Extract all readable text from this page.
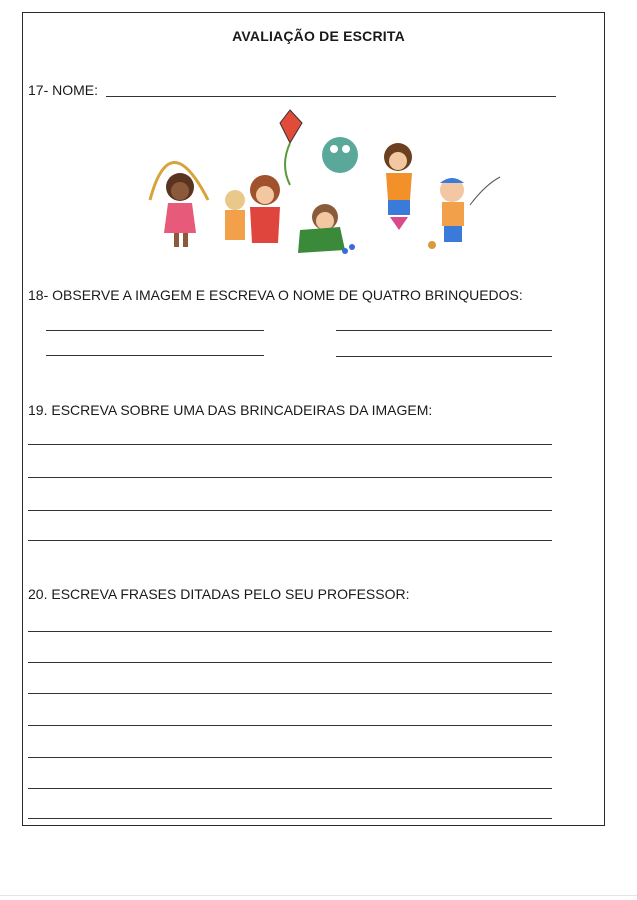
AVALIAÇÃO DE ESCRITA
17- NOME:
18- OBSERVE A IMAGEM E ESCREVA O NOME DE QUATRO BRINQUEDOS:
19. ESCREVA SOBRE UMA DAS BRINCADEIRAS DA IMAGEM:
20. ESCREVA FRASES DITADAS PELO SEU PROFESSOR:
